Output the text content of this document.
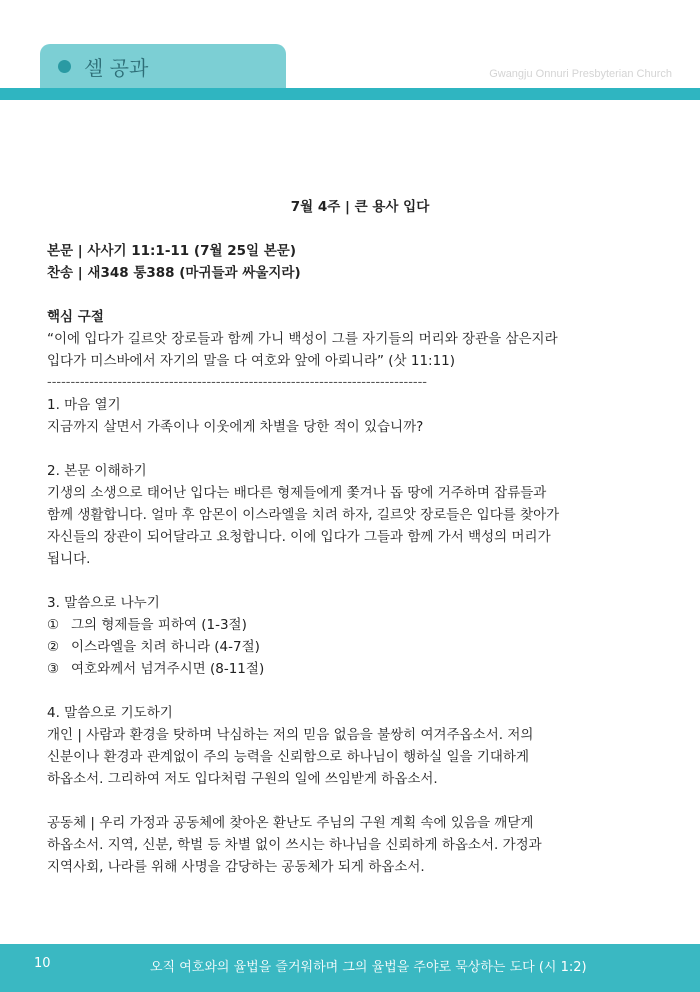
셀 공과	Gwangju Onnuri Presbyterian Church
7월 4주 | 큰 용사 입다
본문 | 사사기 11:1-11 (7월 25일 본문)
찬송 | 새348 통388 (마귀들과 싸울지라)
핵심 구절
“이에 입다가 길르앗 장로들과 함께 가니 백성이 그를 자기들의 머리와 장관을 삼은지라
입다가 미스바에서 자기의 말을 다 여호와 앞에 아뢰니라” (삿 11:11)
---------------------------------------------------------------------------------
1. 마음 열기
지금까지 살면서 가족이나 이웃에게 차별을 당한 적이 있습니까?
2. 본문 이해하기
기생의 소생으로 태어난 입다는 배다른 형제들에게 쫓겨나 돕 땅에 거주하며 잡류들과
함께 생활합니다. 얼마 후 암몬이 이스라엘을 치려 하자, 길르앗 장로들은 입다를 찾아가
자신들의 장관이 되어달라고 요청합니다. 이에 입다가 그들과 함께 가서 백성의 머리가
됩니다.
3. 말씀으로 나누기
① 그의 형제들을 피하여 (1-3절)
② 이스라엘을 치려 하니라 (4-7절)
③ 여호와께서 넘겨주시면 (8-11절)
4. 말씀으로 기도하기
개인 | 사람과 환경을 탓하며 낙심하는 저의 믿음 없음을 불쌍히 여겨주옵소서. 저의
신분이나 환경과 관계없이 주의 능력을 신뢰함으로 하나님이 행하실 일을 기대하게
하옵소서. 그리하여 저도 입다처럼 구원의 일에 쓰임받게 하옵소서.
공동체 | 우리 가정과 공동체에 찾아온 환난도 주님의 구원 계획 속에 있음을 깨닫게
하옵소서. 지역, 신분, 학벌 등 차별 없이 쓰시는 하나님을 신뢰하게 하옵소서. 가정과
지역사회, 나라를 위해 사명을 감당하는 공동체가 되게 하옵소서.
10	오직 여호와의 율법을 즐거워하며 그의 율법을 주야로 묵상하는 도다 (시 1:2)
